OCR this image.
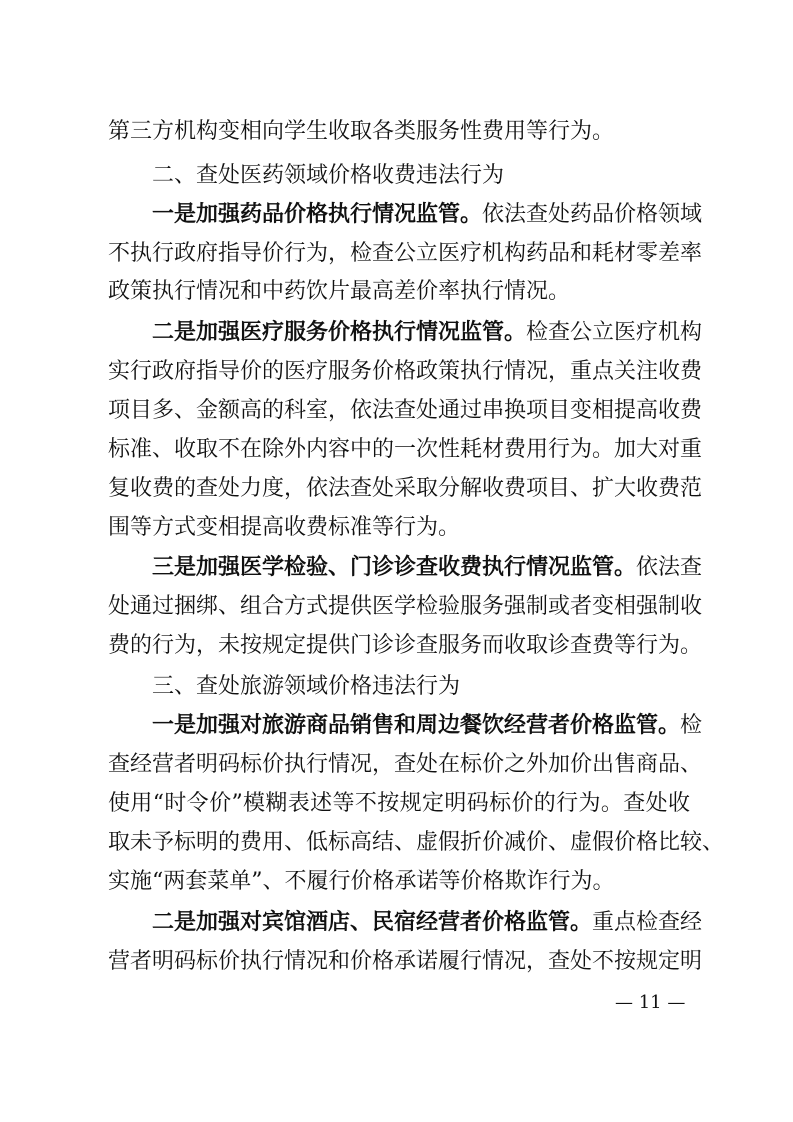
第三方机构变相向学生收取各类服务性费用等行为。
二、查处医药领域价格收费违法行为
一是加强药品价格执行情况监管。依法查处药品价格领域
不执行政府指导价行为，检查公立医疗机构药品和耗材零差率
政策执行情况和中药饮片最高差价率执行情况。
二是加强医疗服务价格执行情况监管。检查公立医疗机构
实行政府指导价的医疗服务价格政策执行情况，重点关注收费
项目多、金额高的科室，依法查处通过串换项目变相提高收费
标准、收取不在除外内容中的一次性耗材费用行为。加大对重
复收费的查处力度，依法查处采取分解收费项目、扩大收费范
围等方式变相提高收费标准等行为。
三是加强医学检验、门诊诊查收费执行情况监管。依法查
处通过捆绑、组合方式提供医学检验服务强制或者变相强制收
费的行为，未按规定提供门诊诊查服务而收取诊查费等行为。
三、查处旅游领域价格违法行为
一是加强对旅游商品销售和周边餐饮经营者价格监管。检
查经营者明码标价执行情况，查处在标价之外加价出售商品、
使用“时令价”模糊表述等不按规定明码标价的行为。查处收
取未予标明的费用、低标高结、虚假折价减价、虚假价格比较、
实施“两套菜单”、不履行价格承诺等价格欺诈行为。
二是加强对宾馆酒店、民宿经营者价格监管。重点检查经
营者明码标价执行情况和价格承诺履行情况，查处不按规定明
— 11 —
